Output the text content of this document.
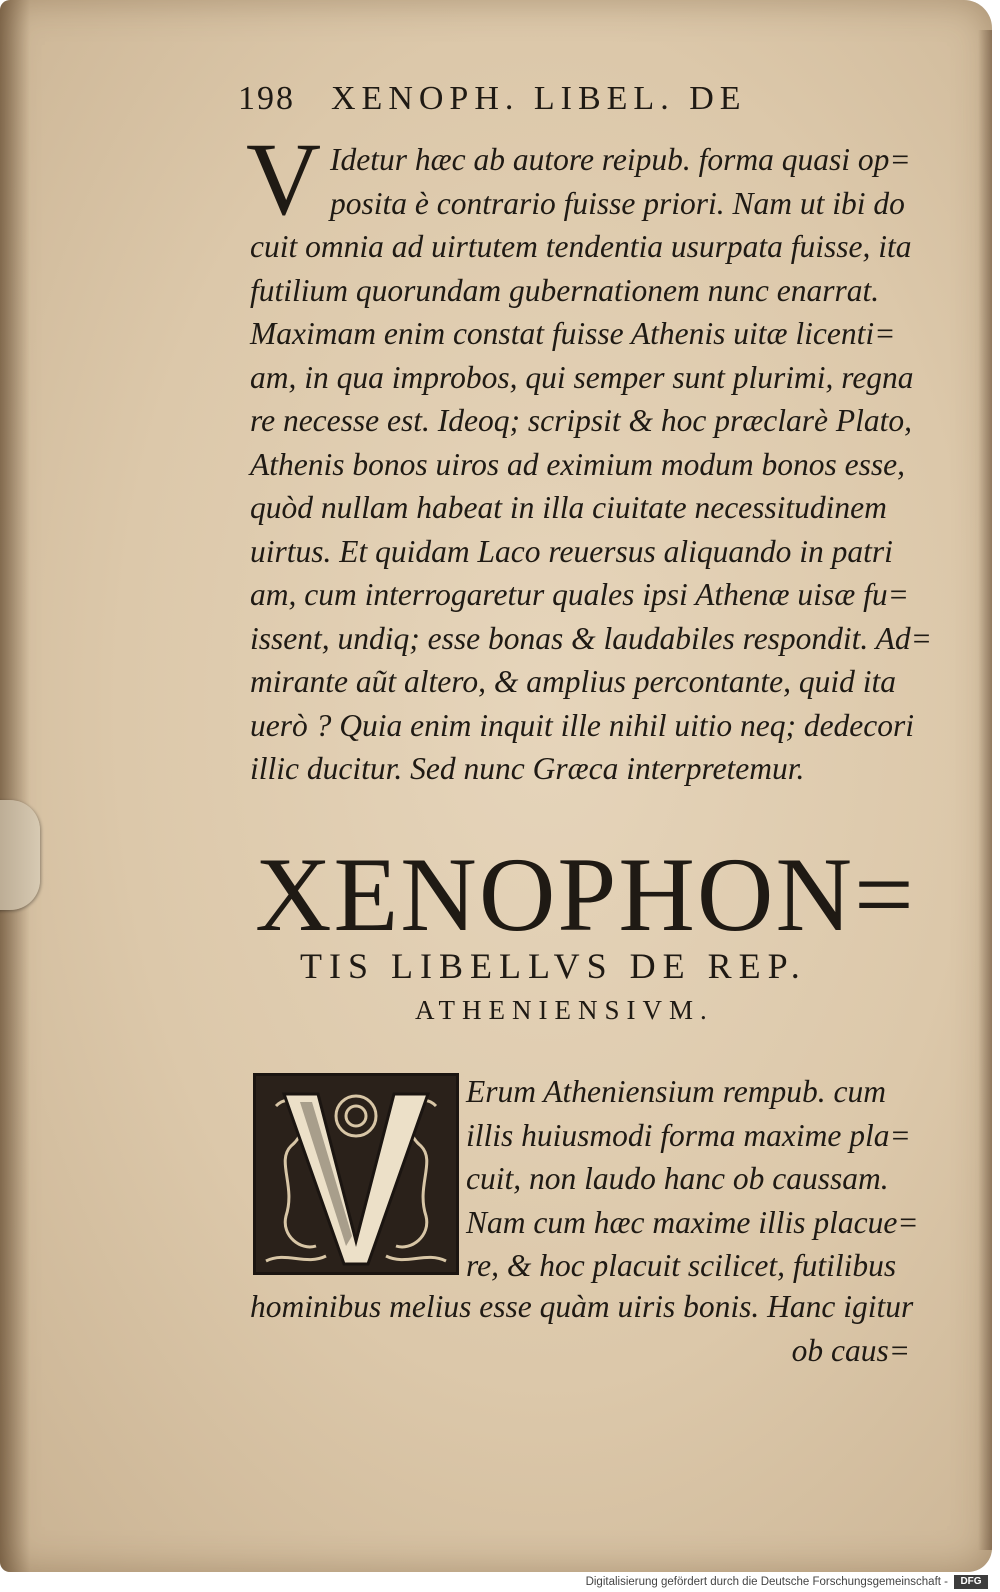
198 XENOPH. LIBEL. DE
V Idetur hæc ab autore reipub. forma quasi op=
posita è contrario fuisse priori. Nam ut ibi do
cuit omnia ad uirtutem tendentia usurpata fuisse, ita
futilium quorundam gubernationem nunc enarrat.
Maximam enim constat fuisse Athenis uitæ licenti=
am, in qua improbos, qui semper sunt plurimi, regna
re necesse est. Ideoq; scripsit & hoc præclarè Plato,
Athenis bonos uiros ad eximium modum bonos esse,
quòd nullam habeat in illa ciuitate necessitudinem
uirtus. Et quidam Laco reuersus aliquando in patri
am, cum interrogaretur quales ipsi Athenæ uisæ fu=
issent, undiq; esse bonas & laudabiles respondit. Ad=
mirante aũt altero, & amplius percontante, quid ita
uerò ? Quia enim inquit ille nihil uitio neq; dedecori
illic ducitur. Sed nunc Græca interpretemur.
XENOPHON=
TIS LIBELLVS DE REP.
ATHENIENSIVM.
Erum Atheniensium rempub. cum
illis huiusmodi forma maxime pla=
cuit, non laudo hanc ob caussam.
Nam cum hæc maxime illis placue=
re, & hoc placuit scilicet, futilibus
hominibus melius esse quàm uiris bonis. Hanc igitur
ob caus=
Digitalisierung gefördert durch die Deutsche Forschungsgemeinschaft -	DFG
